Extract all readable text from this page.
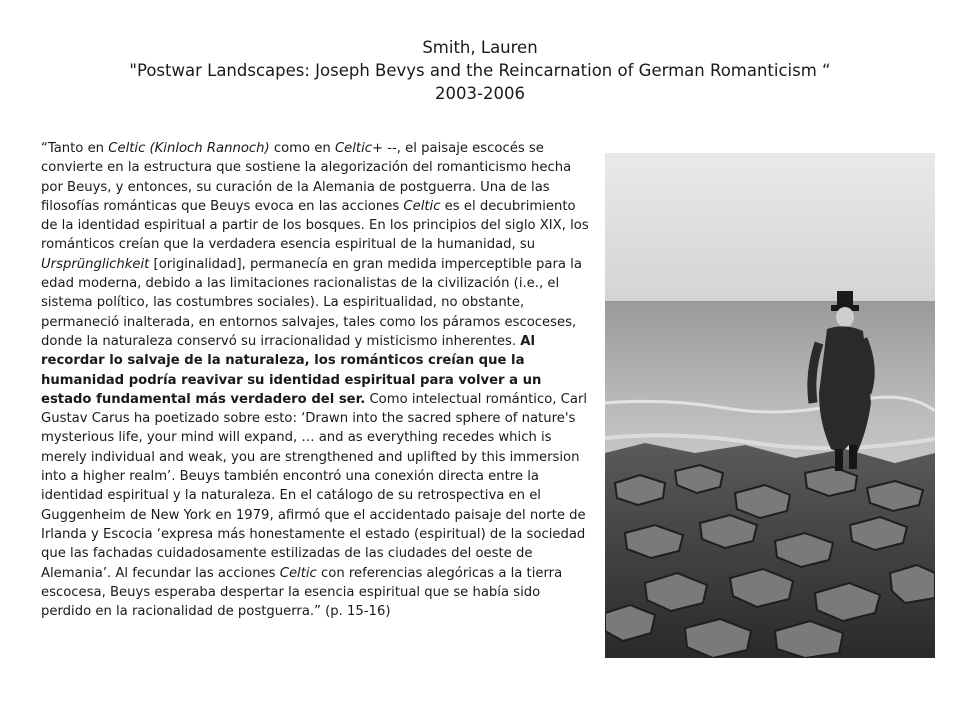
Smith, Lauren
"Postwar Landscapes: Joseph Bevys and the Reincarnation of German Romanticism “
2003-2006
“Tanto en Celtic (Kinloch Rannoch) como en Celtic+ --, el paisaje escocés se convierte en la estructura que sostiene la alegorización del romanticismo hecha por Beuys, y entonces, su curación de la Alemania de postguerra. Una de las filosofías románticas que Beuys evoca en las acciones Celtic es el decubrimiento de la identidad espiritual a partir de los bosques. En los principios del siglo XIX, los románticos creían que la verdadera esencia espiritual de la humanidad, su Ursprünglichkeit [originalidad], permanecía en gran medida imperceptible para la edad moderna, debido a las limitaciones racionalistas de la civilización (i.e., el sistema político, las costumbres sociales). La espiritualidad, no obstante, permaneció inalterada, en entornos salvajes, tales como los páramos escoceses, donde la naturaleza conservó su irracionalidad y misticismo inherentes. Al recordar lo salvaje de la naturaleza, los románticos creían que la humanidad podría reavivar su identidad espiritual para volver a un estado fundamental más verdadero del ser. Como intelectual romántico, Carl Gustav Carus ha poetizado sobre esto: ‘Drawn into the sacred sphere of nature's mysterious life, your mind will expand, … and as everything recedes which is merely individual and weak, you are strengthened and uplifted by this immersion into a higher realm’. Beuys también encontró una conexión directa entre la identidad espiritual y la naturaleza. En el catálogo de su retrospectiva en el Guggenheim de New York en 1979, afirmó que el accidentado paisaje del norte de Irlanda y Escocia ‘expresa más honestamente el estado (espiritual) de la sociedad que las fachadas cuidadosamente estilizadas de las ciudades del oeste de Alemania’. Al fecundar las acciones Celtic con referencias alegóricas a la tierra escocesa, Beuys esperaba despertar la esencia espiritual que se había sido perdido en la racionalidad de postguerra.” (p. 15-16)
